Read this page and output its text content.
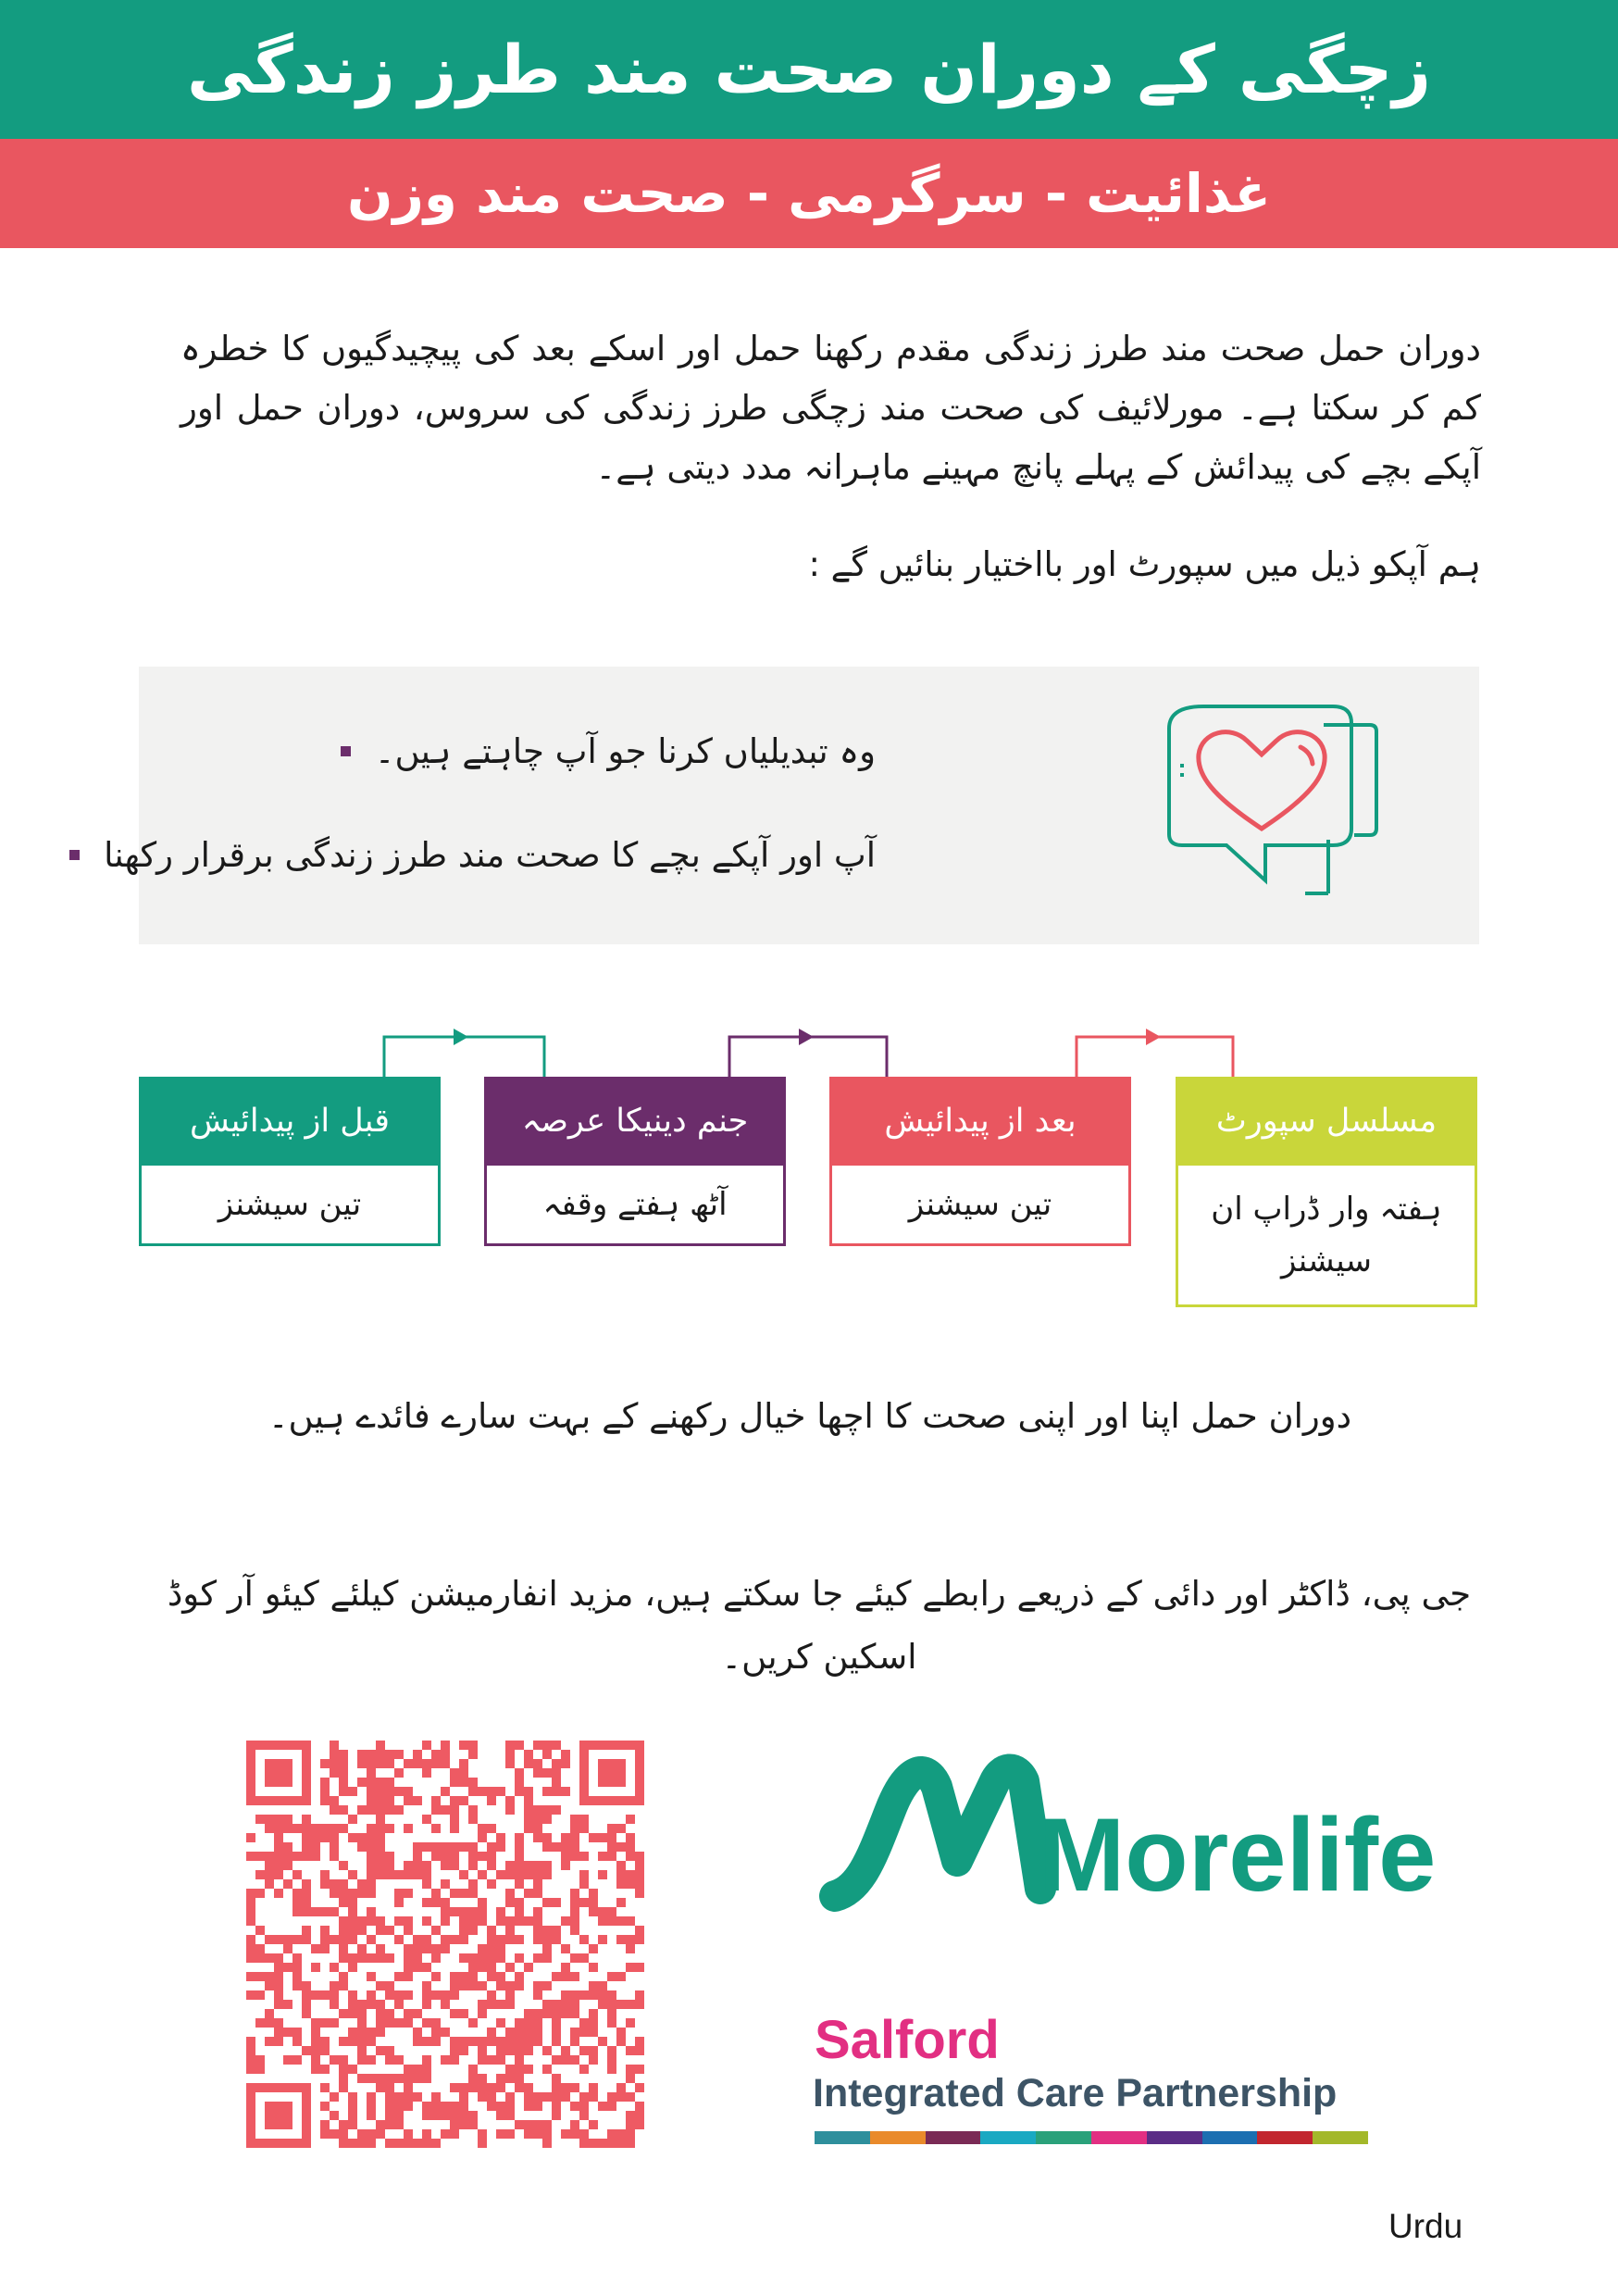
زچگی کے دوران صحت مند طرز زندگی
غذائیت - سرگرمی - صحت مند وزن
دوران حمل صحت مند طرز زندگی مقدم رکھنا حمل اور اسکے بعد کی پیچیدگیوں کا خطرہ کم کر سکتا ہے۔ مورلائیف کی صحت مند زچگی طرز زندگی کی سروس، دوران حمل اور آپکے بچے کی پیدائش کے پہلے پانچ مہینے ماہرانہ مدد دیتی ہے۔
ہم آپکو ذیل میں سپورٹ اور بااختیار بنائیں گے :
وہ تبدیلیاں کرنا جو آپ چاہتے ہیں۔
آپ اور آپکے بچے کا صحت مند طرز زندگی برقرار رکھنا
قبل از پیدائیش
تین سیشنز
جنم دینیکا عرصہ
آٹھ ہفتے وقفہ
بعد از پیدائیش
تین سیشنز
مسلسل سپورٹ
ہفتہ وار ڈراپ ان سیشنز
دوران حمل اپنا اور اپنی صحت کا اچھا خیال رکھنے کے بہت سارے فائدے ہیں۔
جی پی، ڈاکٹر اور دائی کے ذریعے رابطے کیئے جا سکتے ہیں، مزید انفارمیشن کیلئے کیئو آر کوڈ اسکین کریں۔
Morelife
Salford
Integrated Care Partnership
Urdu
